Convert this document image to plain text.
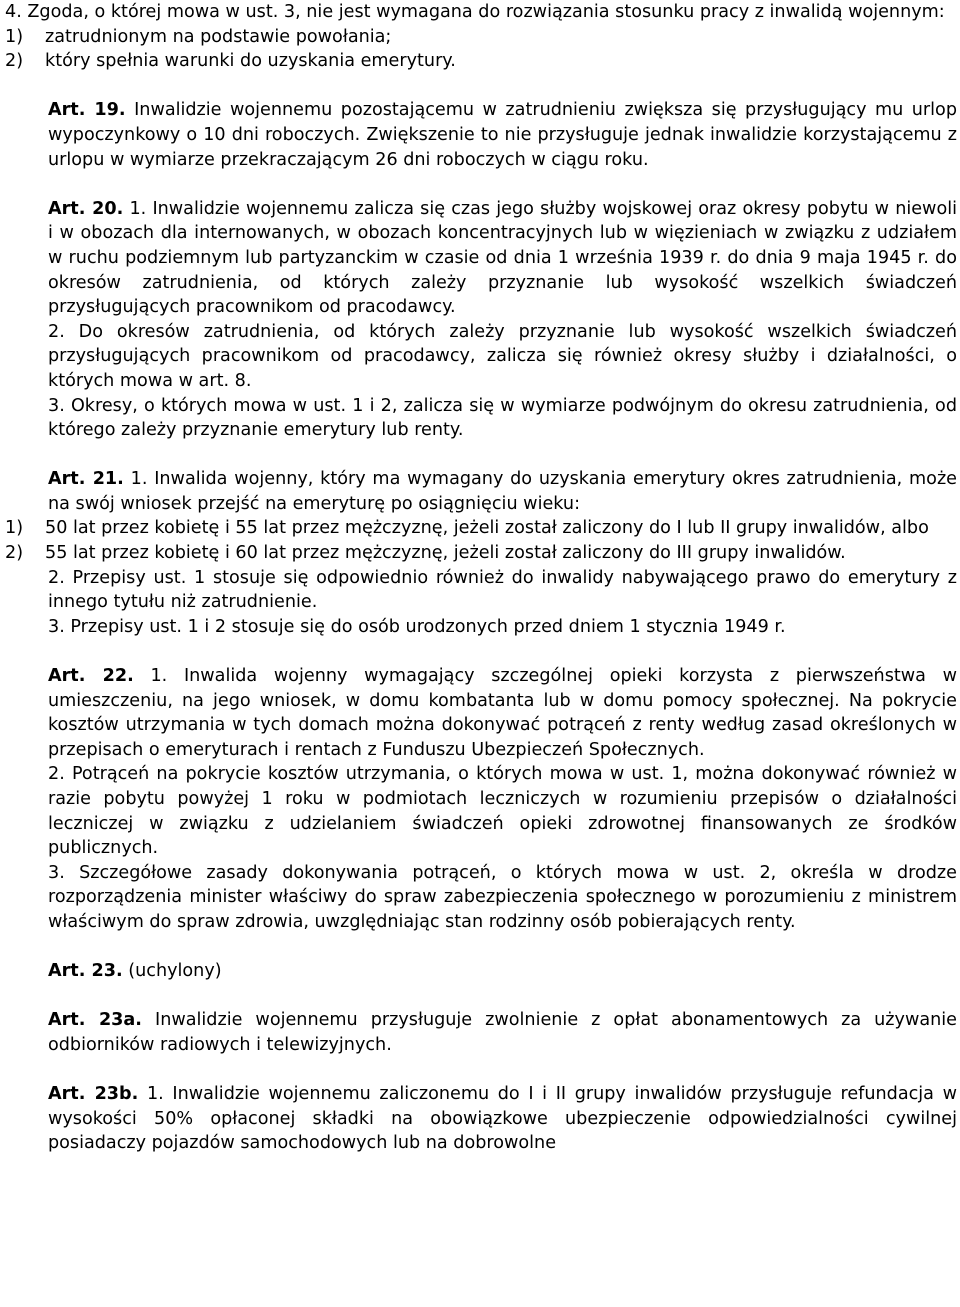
4. Zgoda, o której mowa w ust. 3, nie jest wymagana do rozwiązania stosunku pracy z inwalidą wojennym:

1)	zatrudnionym na podstawie powołania;
2)	który spełnia warunki do uzyskania emerytury.

Art. 19. Inwalidzie wojennemu pozostającemu w zatrudnieniu zwiększa się przysługujący mu urlop wypoczynkowy o 10 dni roboczych. Zwiększenie to nie przysługuje jednak inwalidzie korzystającemu z urlopu w wymiarze przekraczającym 26 dni roboczych w ciągu roku.

Art. 20. 1. Inwalidzie wojennemu zalicza się czas jego służby wojskowej oraz okresy pobytu w niewoli i w obozach dla internowanych, w obozach koncentracyjnych lub w więzieniach w związku z udziałem w ruchu podziemnym lub partyzanckim w czasie od dnia 1 września 1939 r. do dnia 9 maja 1945 r. do okresów zatrudnienia, od których zależy przyznanie lub wysokość wszelkich świadczeń przysługujących pracownikom od pracodawcy.

2. Do okresów zatrudnienia, od których zależy przyznanie lub wysokość wszelkich świadczeń przysługujących pracownikom od pracodawcy, zalicza się również okresy służby i działalności, o których mowa w art. 8.

3. Okresy, o których mowa w ust. 1 i 2, zalicza się w wymiarze podwójnym do okresu zatrudnienia, od którego zależy przyznanie emerytury lub renty.

Art. 21. 1. Inwalida wojenny, który ma wymagany do uzyskania emerytury okres zatrudnienia, może na swój wniosek przejść na emeryturę po osiągnięciu wieku:

1)	50 lat przez kobietę i 55 lat przez mężczyznę, jeżeli został zaliczony do I lub II grupy inwalidów, albo
2)	55 lat przez kobietę i 60 lat przez mężczyznę, jeżeli został zaliczony do III grupy inwalidów.

2. Przepisy ust. 1 stosuje się odpowiednio również do inwalidy nabywającego prawo do emerytury z innego tytułu niż zatrudnienie.

3. Przepisy ust. 1 i 2 stosuje się do osób urodzonych przed dniem 1 stycznia 1949 r.

Art. 22. 1. Inwalida wojenny wymagający szczególnej opieki korzysta z pierwszeństwa w umieszczeniu, na jego wniosek, w domu kombatanta lub w domu pomocy społecznej. Na pokrycie kosztów utrzymania w tych domach można dokonywać potrąceń z renty według zasad określonych w przepisach o emeryturach i rentach z Funduszu Ubezpieczeń Społecznych.

2. Potrąceń na pokrycie kosztów utrzymania, o których mowa w ust. 1, można dokonywać również w razie pobytu powyżej 1 roku w podmiotach leczniczych w rozumieniu przepisów o działalności leczniczej w związku z udzielaniem świadczeń opieki zdrowotnej finansowanych ze środków publicznych.

3. Szczegółowe zasady dokonywania potrąceń, o których mowa w ust. 2, określa w drodze rozporządzenia minister właściwy do spraw zabezpieczenia społecznego w porozumieniu z ministrem właściwym do spraw zdrowia, uwzględniając stan rodzinny osób pobierających renty.

Art. 23. (uchylony)

Art. 23a. Inwalidzie wojennemu przysługuje zwolnienie z opłat abonamentowych za używanie odbiorników radiowych i telewizyjnych.

Art. 23b. 1. Inwalidzie wojennemu zaliczonemu do I i II grupy inwalidów przysługuje refundacja w wysokości 50% opłaconej składki na obowiązkowe ubezpieczenie odpowiedzialności cywilnej posiadaczy pojazdów samochodowych lub na dobrowolne
